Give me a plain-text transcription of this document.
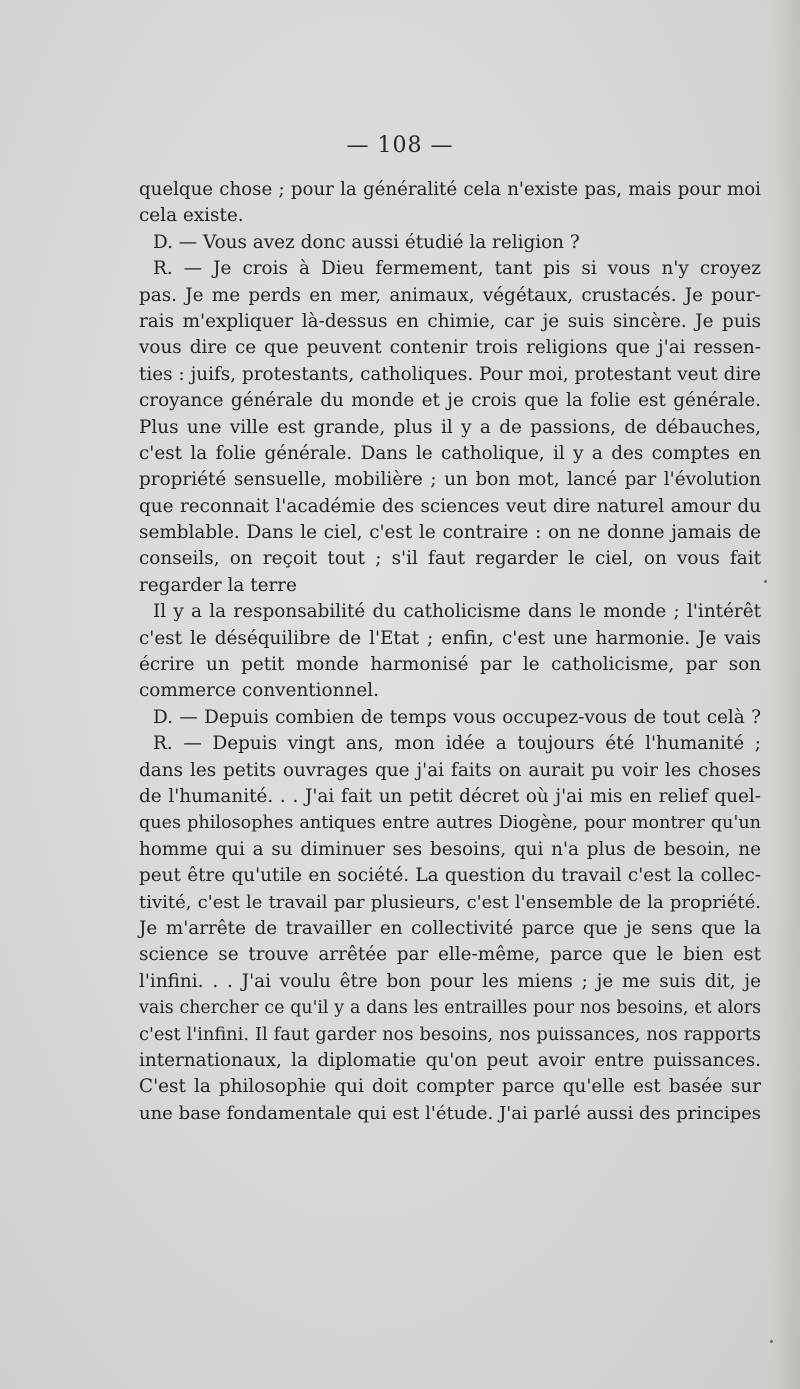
— 108 —

quelque chose ; pour la généralité cela n'existe pas, mais pour moi
cela existe.
D. — Vous avez donc aussi étudié la religion ?
R. — Je crois à Dieu fermement, tant pis si vous n'y croyez
pas. Je me perds en mer, animaux, végétaux, crustacés. Je pour-
rais m'expliquer là-dessus en chimie, car je suis sincère. Je puis
vous dire ce que peuvent contenir trois religions que j'ai ressen-
ties : juifs, protestants, catholiques. Pour moi, protestant veut dire
croyance générale du monde et je crois que la folie est générale.
Plus une ville est grande, plus il y a de passions, de débauches,
c'est la folie générale. Dans le catholique, il y a des comptes en
propriété sensuelle, mobilière ; un bon mot, lancé par l'évolution
que reconnait l'académie des sciences veut dire naturel amour du
semblable. Dans le ciel, c'est le contraire : on ne donne jamais de
conseils, on reçoit tout ; s'il faut regarder le ciel, on vous fait
regarder la terre
Il y a la responsabilité du catholicisme dans le monde ; l'intérêt
c'est le déséquilibre de l'Etat ; enfin, c'est une harmonie. Je vais
écrire un petit monde harmonisé par le catholicisme, par son
commerce conventionnel.
D. — Depuis combien de temps vous occupez-vous de tout celà ?
R. — Depuis vingt ans, mon idée a toujours été l'humanité ;
dans les petits ouvrages que j'ai faits on aurait pu voir les choses
de l'humanité. . . J'ai fait un petit décret où j'ai mis en relief quel-
ques philosophes antiques entre autres Diogène, pour montrer qu'un
homme qui a su diminuer ses besoins, qui n'a plus de besoin, ne
peut être qu'utile en société. La question du travail c'est la collec-
tivité, c'est le travail par plusieurs, c'est l'ensemble de la propriété.
Je m'arrête de travailler en collectivité parce que je sens que la
science se trouve arrêtée par elle-même, parce que le bien est
l'infini. . . J'ai voulu être bon pour les miens ; je me suis dit, je
vais chercher ce qu'il y a dans les entrailles pour nos besoins, et alors
c'est l'infini. Il faut garder nos besoins, nos puissances, nos rapports
internationaux, la diplomatie qu'on peut avoir entre puissances.
C'est la philosophie qui doit compter parce qu'elle est basée sur
une base fondamentale qui est l'étude. J'ai parlé aussi des principes
